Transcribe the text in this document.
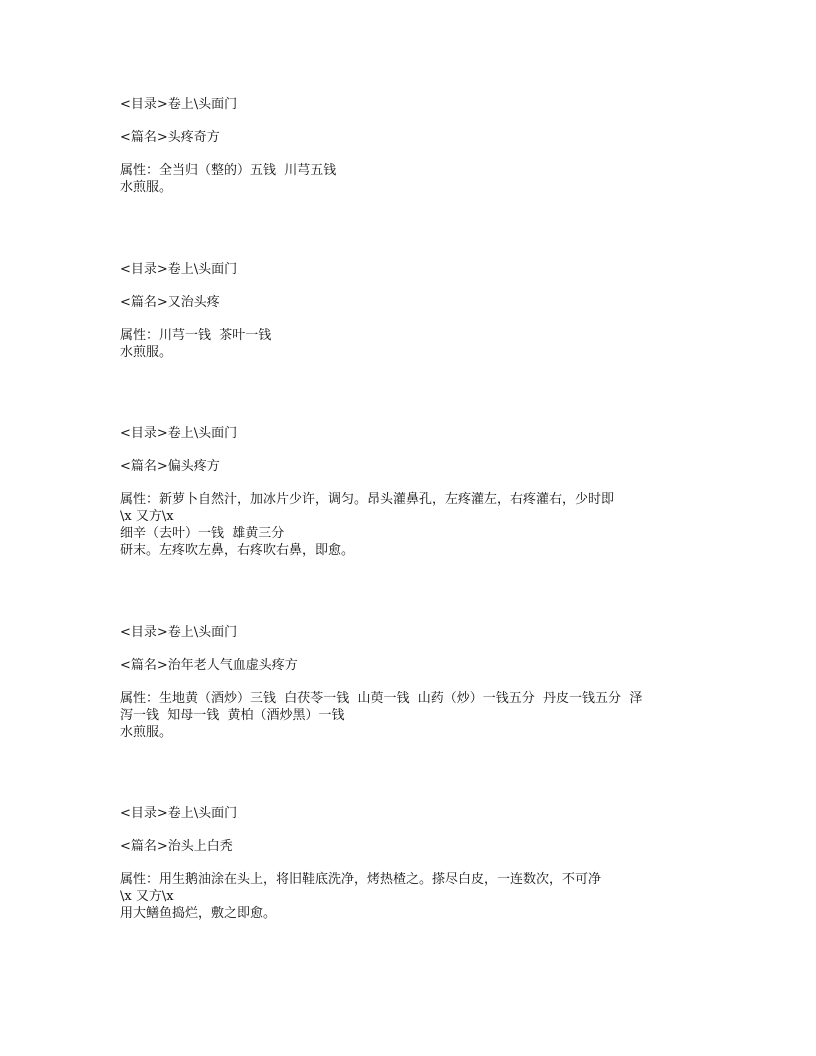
<目录>卷上\头面门

<篇名>头疼奇方

属性：全当归（整的）五钱  川芎五钱

水煎服。

<目录>卷上\头面门

<篇名>又治头疼

属性：川芎一钱  茶叶一钱

水煎服。

<目录>卷上\头面门

<篇名>偏头疼方

属性：新萝卜自然汁，加冰片少许，调匀。昂头灌鼻孔，左疼灌左，右疼灌右，少时即

\x 又方\x

细辛（去叶）一钱  雄黄三分

研末。左疼吹左鼻，右疼吹右鼻，即愈。

<目录>卷上\头面门

<篇名>治年老人气血虚头疼方

属性：生地黄（酒炒）三钱  白茯苓一钱  山萸一钱  山药（炒）一钱五分  丹皮一钱五分  泽

泻一钱  知母一钱  黄柏（酒炒黑）一钱

水煎服。

<目录>卷上\头面门

<篇名>治头上白秃

属性：用生鹅油涂在头上，将旧鞋底洗净，烤热楂之。搽尽白皮，一连数次，不可净

\x 又方\x

用大鳝鱼捣烂，敷之即愈。
